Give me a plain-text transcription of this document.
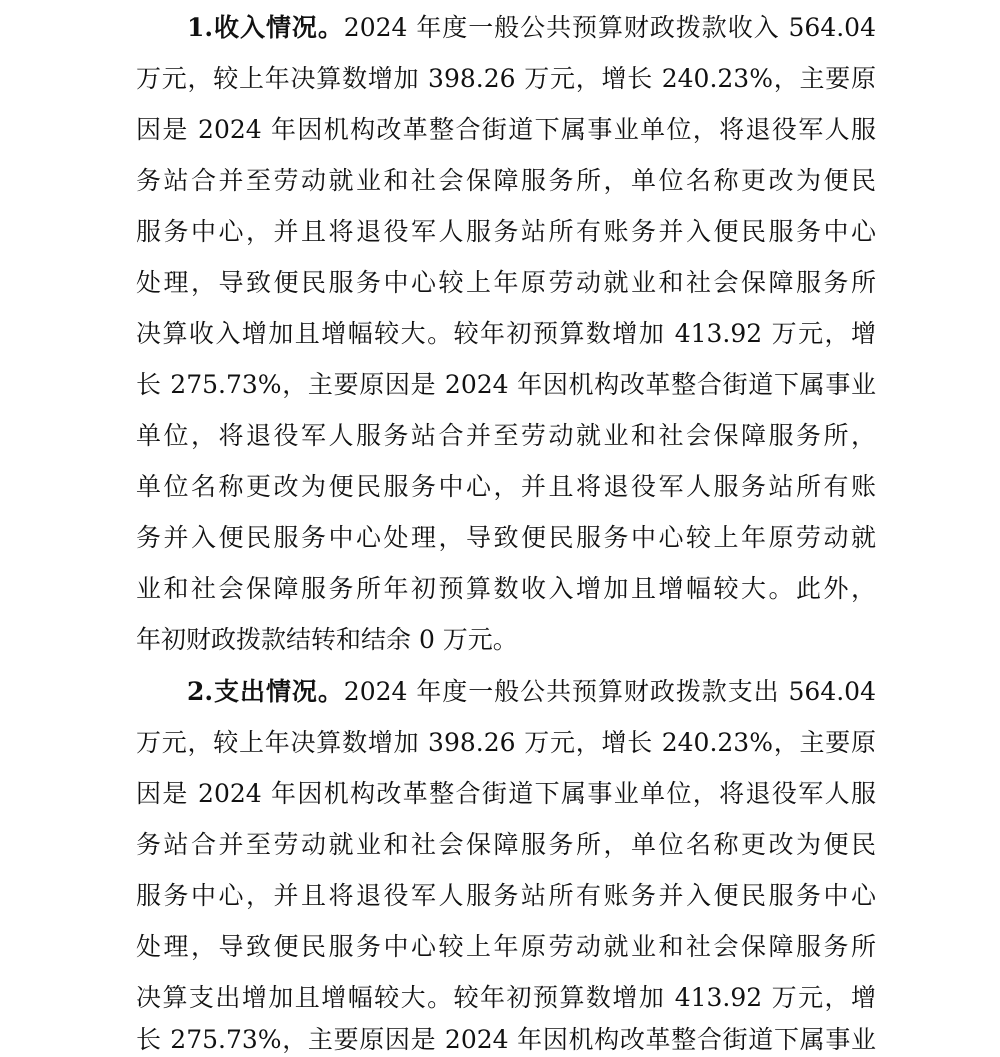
1.收入情况。2024 年度一般公共预算财政拨款收入 564.04
万元，较上年决算数增加 398.26 万元，增长 240.23%，主要原
因是 2024 年因机构改革整合街道下属事业单位，将退役军人服
务站合并至劳动就业和社会保障服务所，单位名称更改为便民
服务中心，并且将退役军人服务站所有账务并入便民服务中心
处理，导致便民服务中心较上年原劳动就业和社会保障服务所
决算收入增加且增幅较大。较年初预算数增加 413.92 万元，增
长 275.73%，主要原因是 2024 年因机构改革整合街道下属事业
单位，将退役军人服务站合并至劳动就业和社会保障服务所，
单位名称更改为便民服务中心，并且将退役军人服务站所有账
务并入便民服务中心处理，导致便民服务中心较上年原劳动就
业和社会保障服务所年初预算数收入增加且增幅较大。此外，
年初财政拨款结转和结余 0 万元。
2.支出情况。2024 年度一般公共预算财政拨款支出 564.04
万元，较上年决算数增加 398.26 万元，增长 240.23%，主要原
因是 2024 年因机构改革整合街道下属事业单位，将退役军人服
务站合并至劳动就业和社会保障服务所，单位名称更改为便民
服务中心，并且将退役军人服务站所有账务并入便民服务中心
处理，导致便民服务中心较上年原劳动就业和社会保障服务所
决算支出增加且增幅较大。较年初预算数增加 413.92 万元，增
长 275.73%，主要原因是 2024 年因机构改革整合街道下属事业
